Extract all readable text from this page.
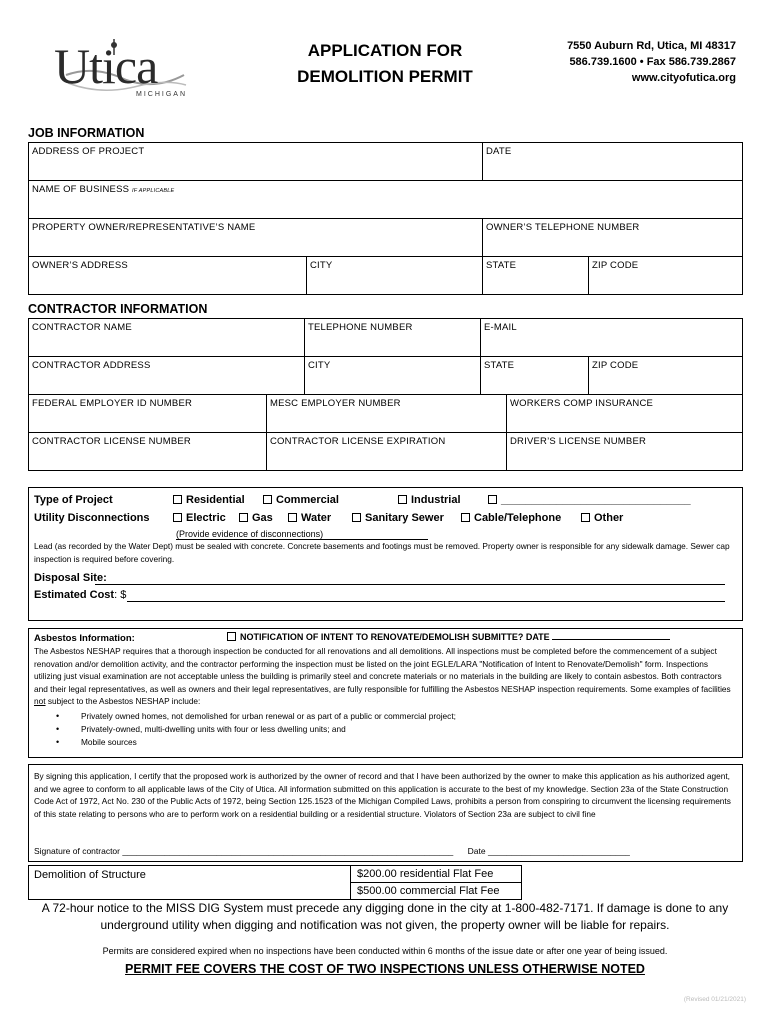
Utica
MICHIGAN
APPLICATION FOR
DEMOLITION PERMIT
7550 Auburn Rd, Utica, MI 48317
586.739.1600 • Fax 586.739.2867
www.cityofutica.org
JOB INFORMATION
ADDRESS OF PROJECT	DATE
NAME OF BUSINESS IF APPLICABLE
PROPERTY OWNER/REPRESENTATIVE’S NAME	OWNER’S TELEPHONE NUMBER
OWNER’S ADDRESS	CITY	STATE	ZIP CODE
CONTRACTOR INFORMATION
CONTRACTOR NAME	TELEPHONE NUMBER	E-MAIL
CONTRACTOR ADDRESS	CITY	STATE	ZIP CODE
FEDERAL EMPLOYER ID NUMBER	MESC EMPLOYER NUMBER	WORKERS COMP INSURANCE
CONTRACTOR LICENSE NUMBER	CONTRACTOR LICENSE EXPIRATION	DRIVER’S LICENSE NUMBER
Type of Project	Residential	Commercial	Industrial	_______________________________
Utility Disconnections	Electric	Gas	Water	Sanitary Sewer	Cable/Telephone	Other
(Provide evidence of disconnections)
Lead (as recorded by the Water Dept) must be sealed with concrete. Concrete basements and footings must be removed. Property owner is responsible for any sidewalk damage. Sewer cap inspection is required before covering.
Disposal Site:
Estimated Cost: $
Asbestos Information:	NOTIFICATION OF INTENT TO RENOVATE/DEMOLISH SUBMITTE? DATE
The Asbestos NESHAP requires that a thorough inspection be conducted for all renovations and all demolitions. All inspections must be completed before the commencement of a subject renovation and/or demolition activity, and the contractor performing the inspection must be listed on the joint EGLE/LARA "Notification of Intent to Renovate/Demolish" form. Inspections utilizing just visual examination are not acceptable unless the building is primarily steel and concrete materials or no materials in the building are likely to contain asbestos. Both contractors and their legal representatives, as well as owners and their legal representatives, are fully responsible for fulfilling the Asbestos NESHAP inspection requirements. Some examples of facilities not subject to the Asbestos NESHAP include:
• Privately owned homes, not demolished for urban renewal or as part of a public or commercial project;
• Privately-owned, multi-dwelling units with four or less dwelling units; and
• Mobile sources
By signing this application, I certify that the proposed work is authorized by the owner of record and that I have been authorized by the owner to make this application as his authorized agent, and we agree to conform to all applicable laws of the City of Utica. All information submitted on this application is accurate to the best of my knowledge. Section 23a of the State Construction Code Act of 1972, Act No. 230 of the Public Acts of 1972, being Section 125.1523 of the Michigan Compiled Laws, prohibits a person from conspiring to circumvent the licensing requirements of this state relating to persons who are to perform work on a residential building or a residential structure. Violators of Section 23a are subject to civil fine
Signature of contractor ______________________________________________________________________ Date ______________________________
Demolition of Structure	$200.00 residential Flat Fee
$500.00 commercial Flat Fee
A 72-hour notice to the MISS DIG System must precede any digging done in the city at 1-800-482-7171. If damage is done to any underground utility when digging and notification was not given, the property owner will be liable for repairs.
Permits are considered expired when no inspections have been conducted within 6 months of the issue date or after one year of being issued.
PERMIT FEE COVERS THE COST OF TWO INSPECTIONS UNLESS OTHERWISE NOTED
(Revised 01/21/2021)
